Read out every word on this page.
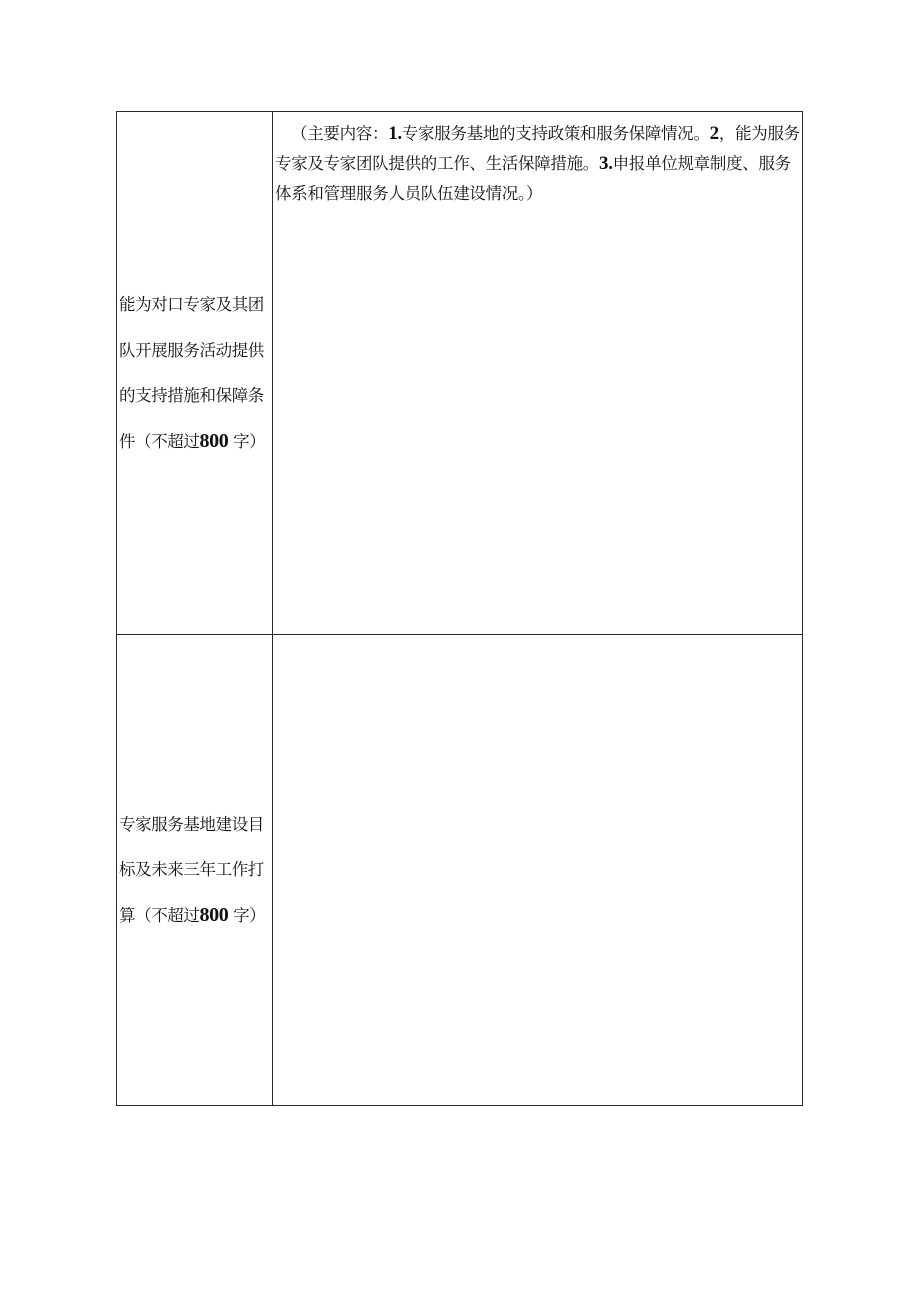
能为对口专家及其团队开展服务活动提供的支持措施和保障条件（不超过800 字）
（主要内容：1.专家服务基地的支持政策和服务保障情况。2，能为服务专家及专家团队提供的工作、生活保障措施。3.申报单位规章制度、服务体系和管理服务人员队伍建设情况。）
专家服务基地建设目标及未来三年工作打算（不超过800 字）
